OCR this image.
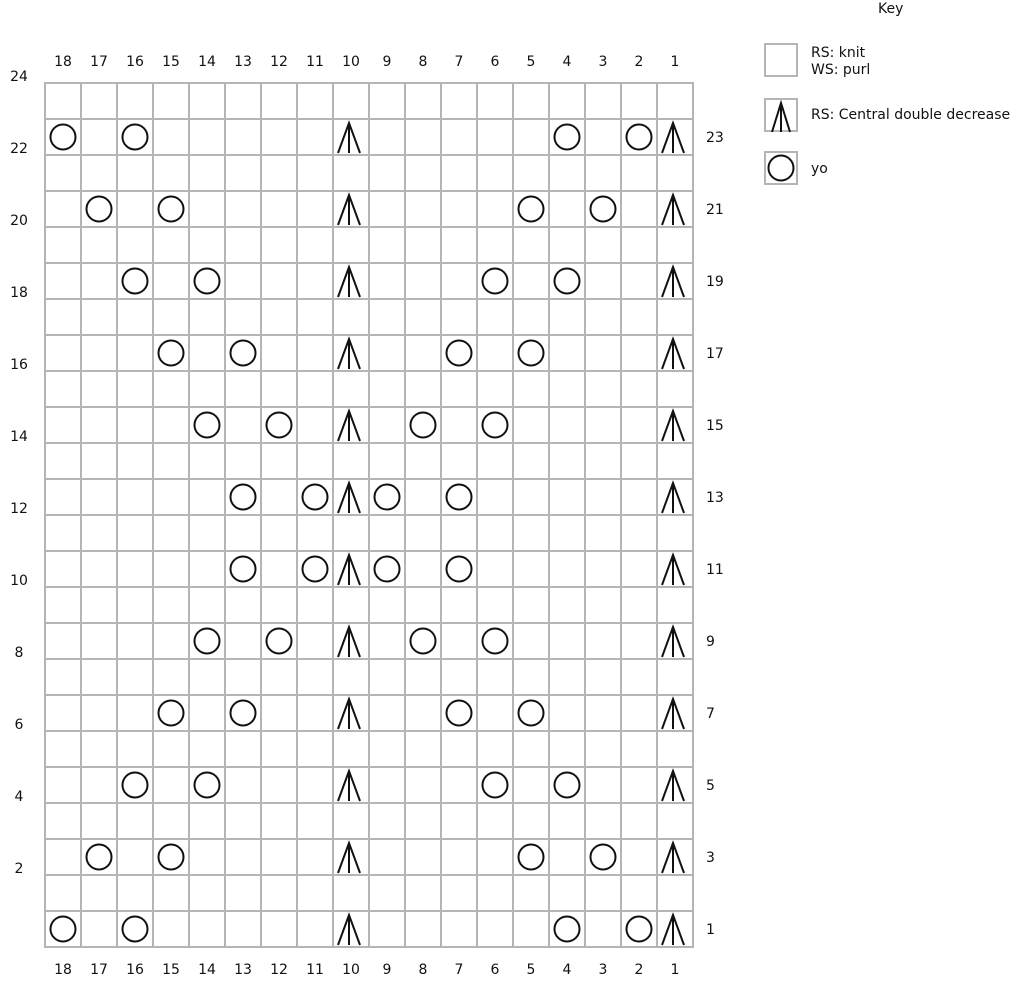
18 17 16 15 14 13 12 11 10 9 8 7 6 5 4 3 2 1
18 17 16 15 14 13 12 11 10 9 8 7 6 5 4 3 2 1
24
22
20
18
16
14
12
10
8
6
4
2
23
21
19
17
15
13
11
9
7
5
3
1
Key
RS: knit
WS: purl
RS: Central double decrease
yo
